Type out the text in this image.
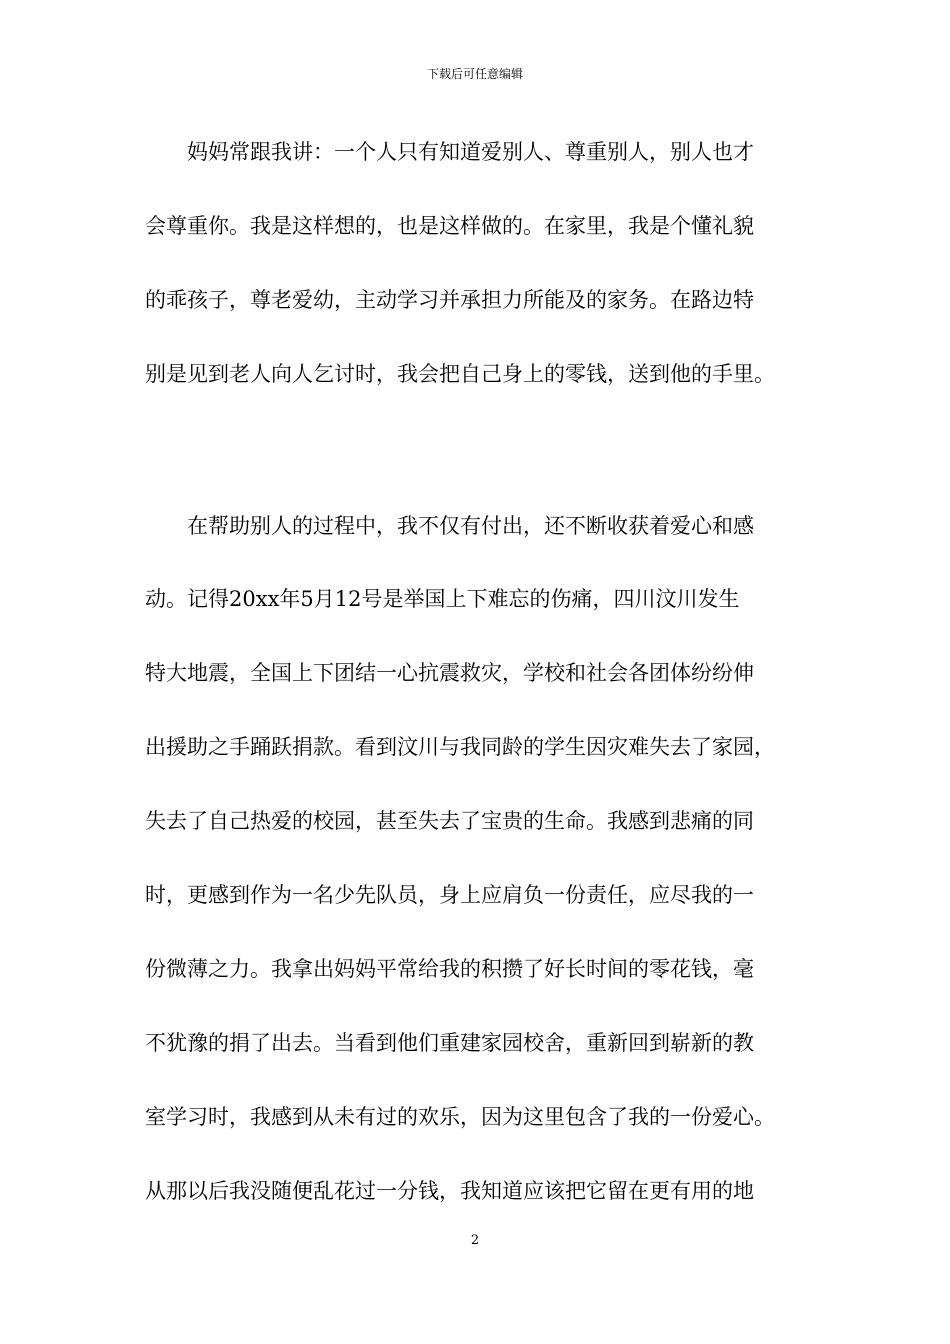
下载后可任意编辑
　　妈妈常跟我讲：一个人只有知道爱别人、尊重别人，别人也才
会尊重你。我是这样想的，也是这样做的。在家里，我是个懂礼貌
的乖孩子，尊老爱幼，主动学习并承担力所能及的家务。在路边特
别是见到老人向人乞讨时，我会把自己身上的零钱，送到他的手里。
　　在帮助别人的过程中，我不仅有付出，还不断收获着爱心和感
动。记得20xx年5月12号是举国上下难忘的伤痛，四川汶川发生
特大地震，全国上下团结一心抗震救灾，学校和社会各团体纷纷伸
出援助之手踊跃捐款。看到汶川与我同龄的学生因灾难失去了家园，
失去了自己热爱的校园，甚至失去了宝贵的生命。我感到悲痛的同
时，更感到作为一名少先队员，身上应肩负一份责任，应尽我的一
份微薄之力。我拿出妈妈平常给我的积攒了好长时间的零花钱，毫
不犹豫的捐了出去。当看到他们重建家园校舍，重新回到崭新的教
室学习时，我感到从未有过的欢乐，因为这里包含了我的一份爱心。
从那以后我没随便乱花过一分钱，我知道应该把它留在更有用的地
2
